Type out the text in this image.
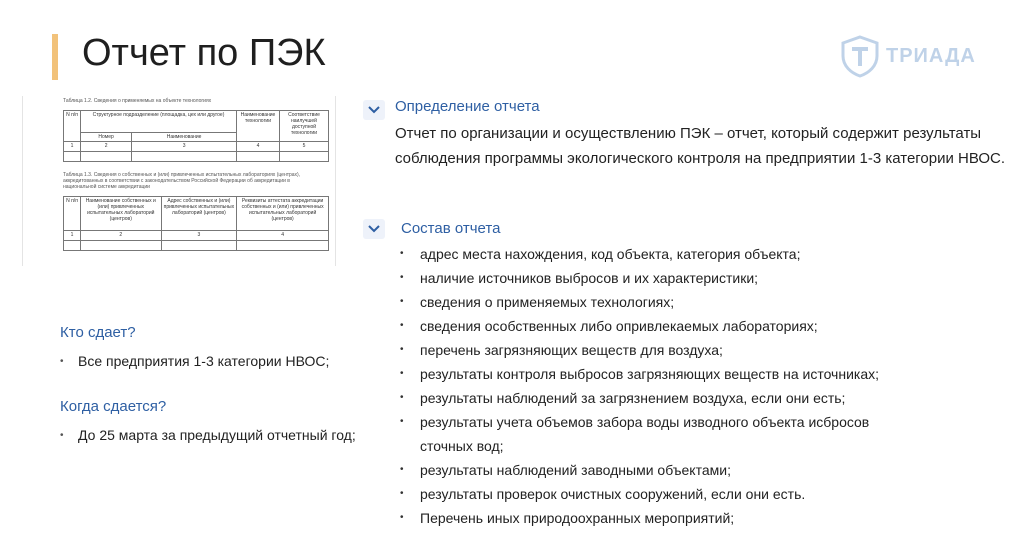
Отчет по ПЭК	ТРИАДА
Таблица 1.2. Сведения о применяемых на объекте технологиях
N п/п	Структурное подразделение (площадка, цех или другое)		Наименование технологии	Соответствие наилучшей доступной технологии
	Номер	Наименование		
1	2	3	4	5

Таблица 1.3. Сведения о собственных и (или) привлеченных испытательных лабораториях (центрах), аккредитованных в соответствии с законодательством Российской Федерации об аккредитации в национальной системе аккредитации
N п/п	Наименование собственных и (или) привлеченных испытательных лабораторий (центров)	Адрес собственных и (или) привлеченных испытательных лабораторий (центров)	Реквизиты аттестата аккредитации собственных и (или) привлеченных испытательных лабораторий (центров)
1	2	3	4

Кто сдает?
•	Все предприятия 1-3 категории НВОС;
Когда сдается?
•	До 25 марта за предыдущий отчетный год;
Определение отчета

Отчет по организации и осуществлению ПЭК – отчет, который содержит результаты соблюдения программы экологического контроля на предприятии 1-3 категории НВОС.

Состав отчета
•	адрес места нахождения, код объекта, категория объекта;
•	наличие источников выбросов и их характеристики;
•	сведения о применяемых технологиях;
•	сведения особственных либо опривлекаемых лабораториях;
•	перечень загрязняющих веществ для воздуха;
•	результаты контроля выбросов загрязняющих веществ на источниках;
•	результаты наблюдений за загрязнением воздуха, если они есть;
•	результаты учета объемов забора воды изводного объекта исбросов сточных вод;
•	результаты наблюдений заводными объектами;
•	результаты проверок очистных сооружений, если они есть.
•	Перечень иных природоохранных мероприятий;
